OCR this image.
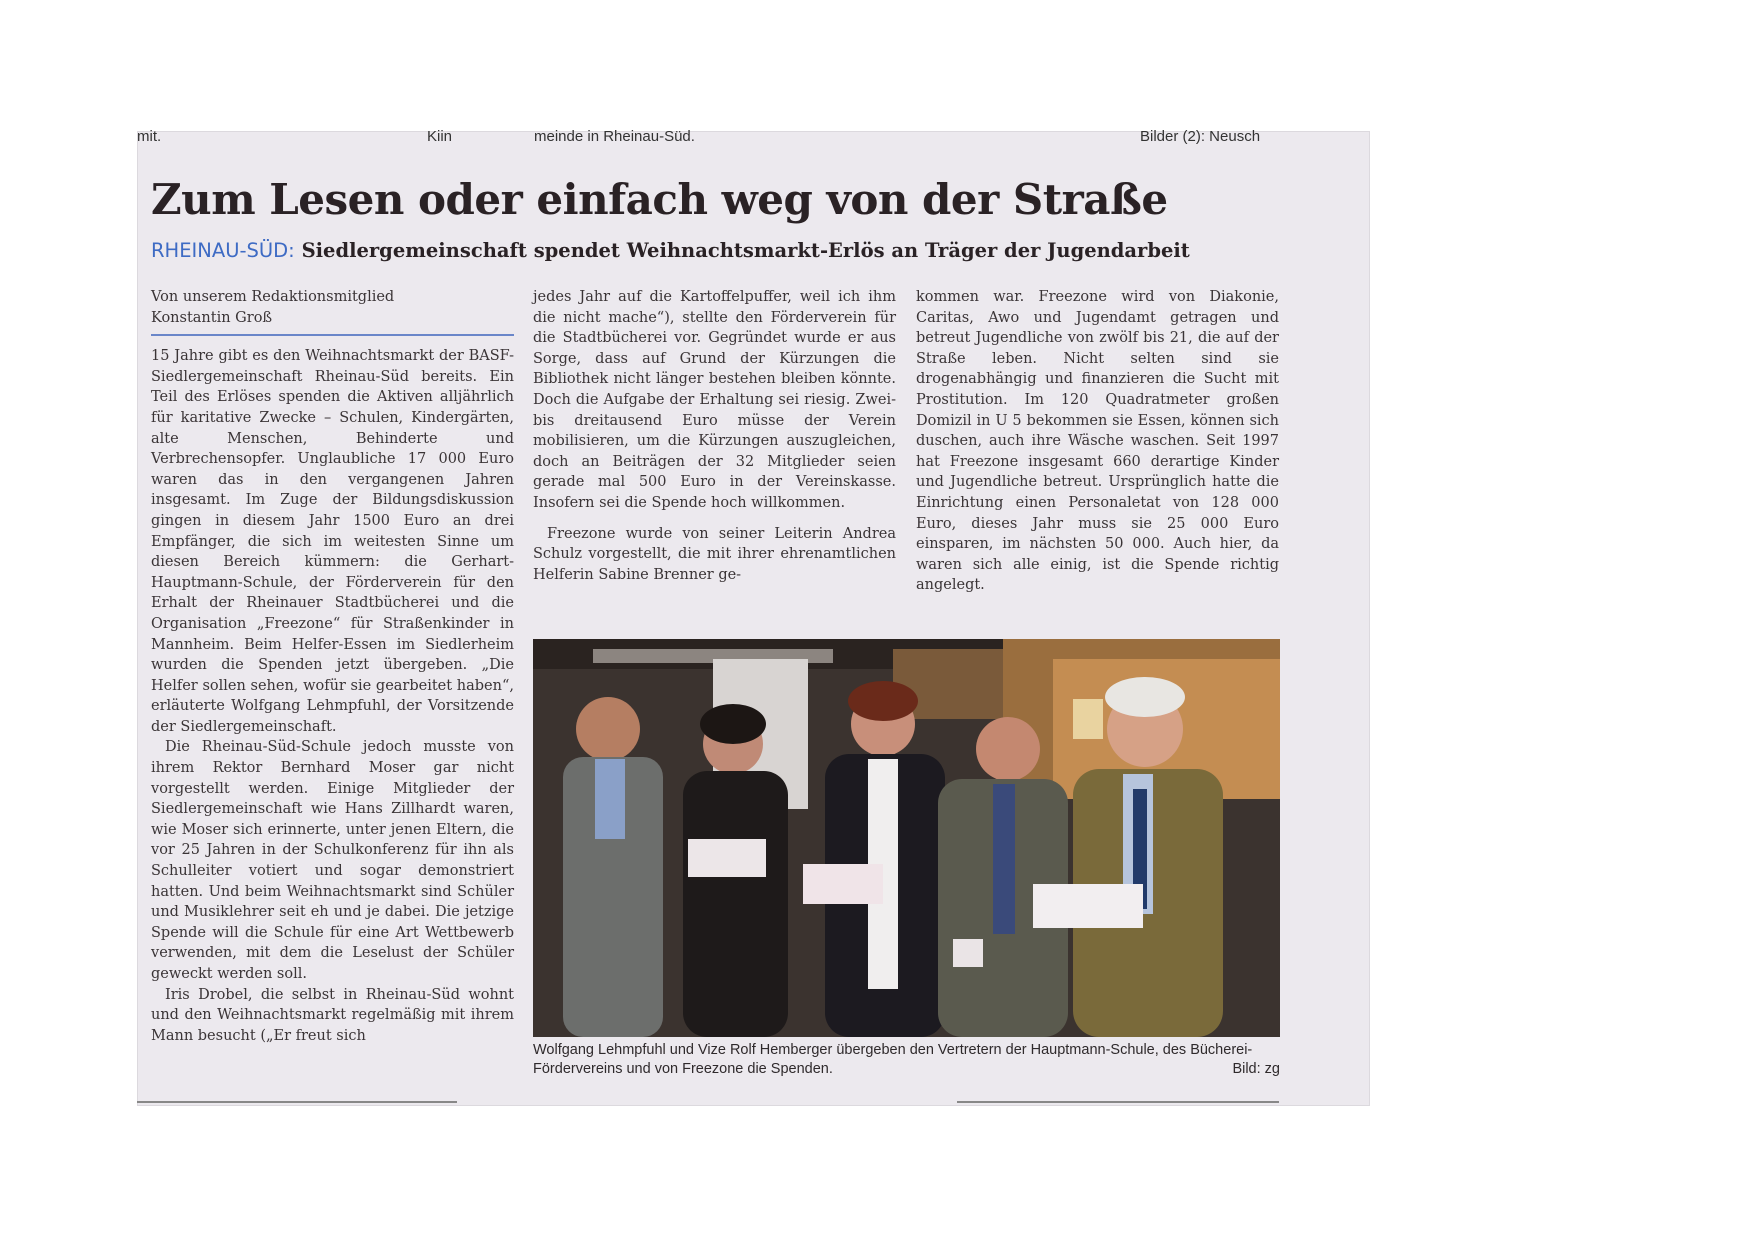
mit.	Kiin	meinde in Rheinau-Süd.	Bilder (2): Neusch
Zum Lesen oder einfach weg von der Straße
RHEINAU-SÜD: Siedlergemeinschaft spendet Weihnachtsmarkt-Erlös an Träger der Jugendarbeit
Von unserem Redaktionsmitglied
Konstantin Groß

15 Jahre gibt es den Weihnachtsmarkt der BASF-Siedlergemeinschaft Rheinau-Süd bereits. Ein Teil des Erlöses spenden die Aktiven alljährlich für karitative Zwecke – Schulen, Kindergärten, alte Menschen, Behinderte und Verbrechensopfer. Unglaubliche 17 000 Euro waren das in den vergangenen Jahren insgesamt. Im Zuge der Bildungsdiskussion gingen in diesem Jahr 1500 Euro an drei Empfänger, die sich im weitesten Sinne um diesen Bereich kümmern: die Gerhart-Hauptmann-Schule, der Förderverein für den Erhalt der Rheinauer Stadtbücherei und die Organisation „Freezone“ für Straßenkinder in Mannheim. Beim Helfer-Essen im Siedlerheim wurden die Spenden jetzt übergeben. „Die Helfer sollen sehen, wofür sie gearbeitet haben“, erläuterte Wolfgang Lehmpfuhl, der Vorsitzende der Siedlergemeinschaft.

Die Rheinau-Süd-Schule jedoch musste von ihrem Rektor Bernhard Moser gar nicht vorgestellt werden. Einige Mitglieder der Siedlergemeinschaft wie Hans Zillhardt waren, wie Moser sich erinnerte, unter jenen Eltern, die vor 25 Jahren in der Schulkonferenz für ihn als Schulleiter votiert und sogar demonstriert hatten. Und beim Weihnachtsmarkt sind Schüler und Musiklehrer seit eh und je dabei. Die jetzige Spende will die Schule für eine Art Wettbewerb verwenden, mit dem die Leselust der Schüler geweckt werden soll.

Iris Drobel, die selbst in Rheinau-Süd wohnt und den Weihnachtsmarkt regelmäßig mit ihrem Mann besucht („Er freut sich

jedes Jahr auf die Kartoffelpuffer, weil ich ihm die nicht mache“), stellte den Förderverein für die Stadtbücherei vor. Gegründet wurde er aus Sorge, dass auf Grund der Kürzungen die Bibliothek nicht länger bestehen bleiben könnte. Doch die Aufgabe der Erhaltung sei riesig. Zwei- bis dreitausend Euro müsse der Verein mobilisieren, um die Kürzungen auszugleichen, doch an Beiträgen der 32 Mitglieder seien gerade mal 500 Euro in der Vereinskasse. Insofern sei die Spende hoch willkommen.

Freezone wurde von seiner Leiterin Andrea Schulz vorgestellt, die mit ihrer ehrenamtlichen Helferin Sabine Brenner ge-

kommen war. Freezone wird von Diakonie, Caritas, Awo und Jugendamt getragen und betreut Jugendliche von zwölf bis 21, die auf der Straße leben. Nicht selten sind sie drogenabhängig und finanzieren die Sucht mit Prostitution. Im 120 Quadratmeter großen Domizil in U 5 bekommen sie Essen, können sich duschen, auch ihre Wäsche waschen. Seit 1997 hat Freezone insgesamt 660 derartige Kinder und Jugendliche betreut. Ursprünglich hatte die Einrichtung einen Personaletat von 128 000 Euro, dieses Jahr muss sie 25 000 Euro einsparen, im nächsten 50 000. Auch hier, da waren sich alle einig, ist die Spende richtig angelegt.

Wolfgang Lehmpfuhl und Vize Rolf Hemberger übergeben den Vertretern der Hauptmann-Schule, des Bücherei-Fördervereins und von Freezone die Spenden.	Bild: zg
